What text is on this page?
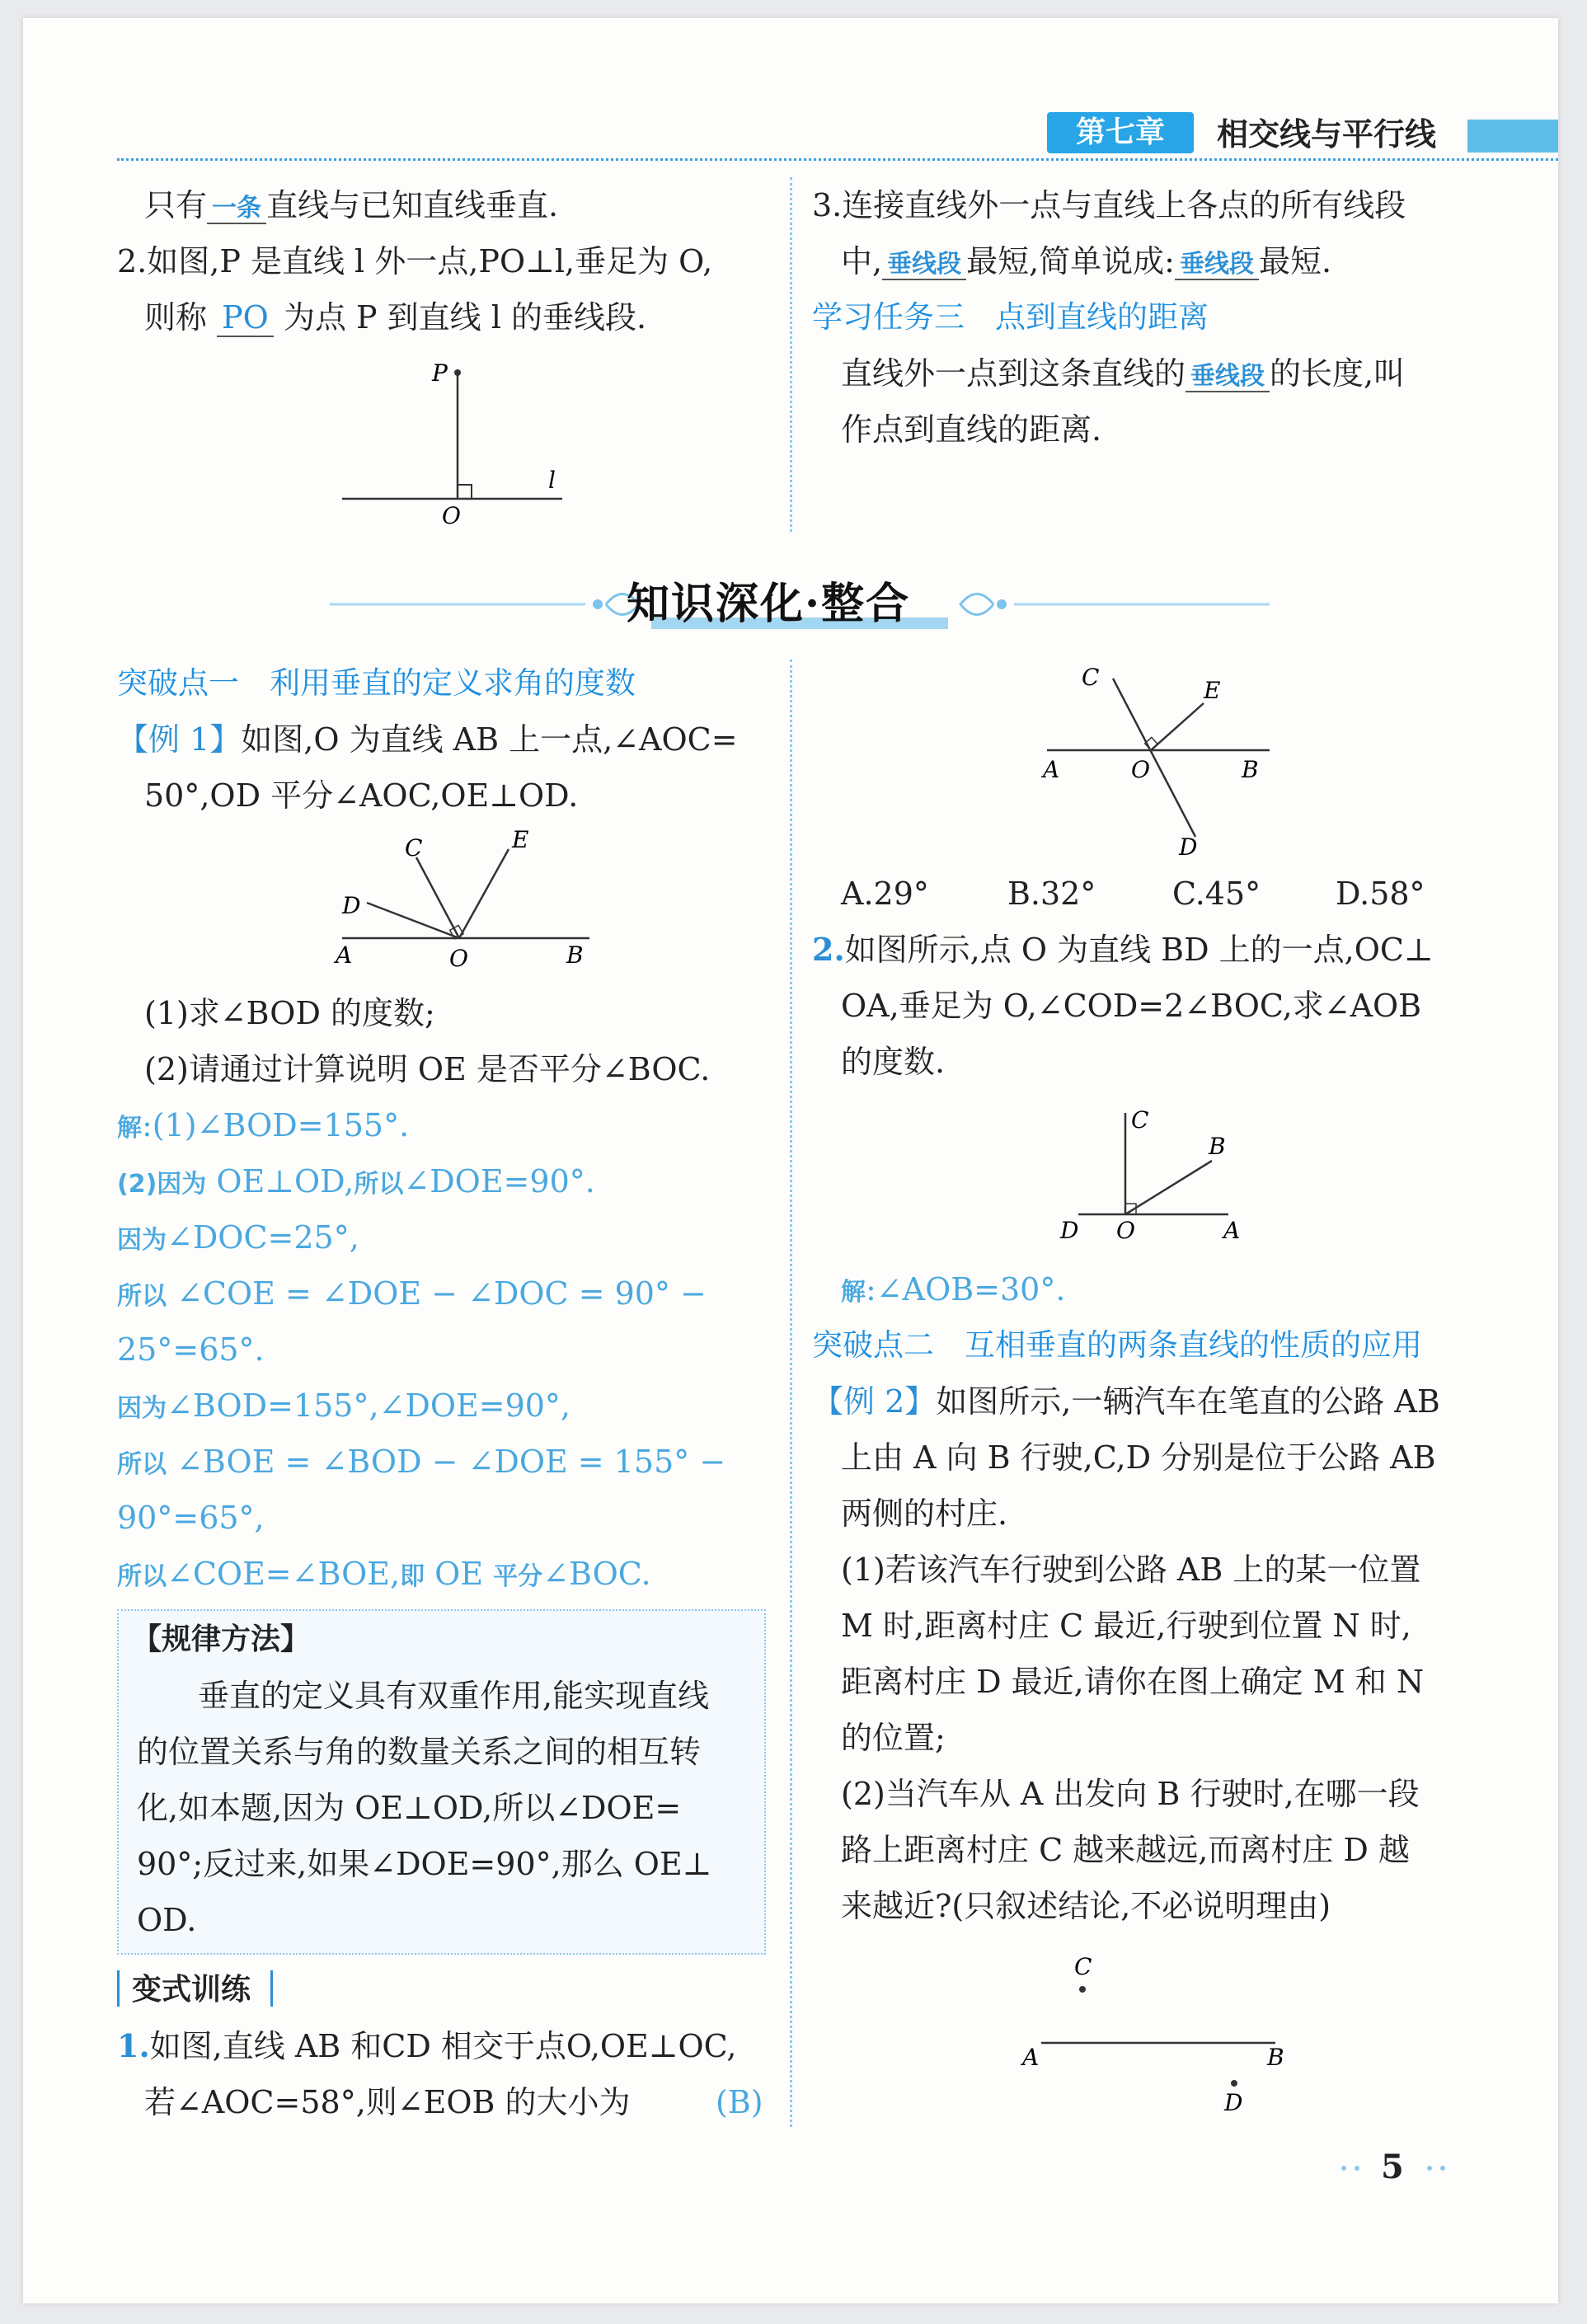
第七章	相交线与平行线
只有 一条 直线与已知直线垂直.
2.如图,P 是直线 l 外一点,PO⊥l,垂足为 O,
则称 PO 为点 P 到直线 l 的垂线段.
P
O
l
3.连接直线外一点与直线上各点的所有线段
中, 垂线段 最短,简单说成: 垂线段 最短.
学习任务三　点到直线的距离
直线外一点到这条直线的 垂线段 的长度,叫
作点到直线的距离.
知识深化·整合
突破点一　利用垂直的定义求角的度数
【例 1】如图,O 为直线 AB 上一点,∠AOC=
50°,OD 平分∠AOC,OE⊥OD.
C	E
D
A	O	B
(1)求∠BOD 的度数;
(2)请通过计算说明 OE 是否平分∠BOC.
解:(1)∠BOD=155°.
(2)因为 OE⊥OD,所以∠DOE=90°.
因为∠DOC=25°,
所以 ∠COE = ∠DOE − ∠DOC = 90° −
25°=65°.
因为∠BOD=155°,∠DOE=90°,
所以 ∠BOE = ∠BOD − ∠DOE = 155° −
90°=65°,
所以∠COE=∠BOE,即 OE 平分∠BOC.
【规律方法】
垂直的定义具有双重作用,能实现直线
的位置关系与角的数量关系之间的相互转
化,如本题,因为 OE⊥OD,所以∠DOE=
90°;反过来,如果∠DOE=90°,那么 OE⊥
OD.
变式训练
1.如图,直线 AB 和CD 相交于点O,OE⊥OC,
若∠AOC=58°,则∠EOB 的大小为	(B)
C	E
A	O	B
D
A.29°	B.32° C.45° D.58°
2.如图所示,点 O 为直线 BD 上的一点,OC⊥
OA,垂足为 O,∠COD=2∠BOC,求∠AOB
的度数.
C
B
D O	A
解:∠AOB=30°.
突破点二　互相垂直的两条直线的性质的应用
【例 2】如图所示,一辆汽车在笔直的公路 AB
上由 A 向 B 行驶,C,D 分别是位于公路 AB
两侧的村庄.
(1)若该汽车行驶到公路 AB 上的某一位置
M 时,距离村庄 C 最近,行驶到位置 N 时,
距离村庄 D 最近,请你在图上确定 M 和 N
的位置;
(2)当汽车从 A 出发向 B 行驶时,在哪一段
路上距离村庄 C 越来越远,而离村庄 D 越
来越近?(只叙述结论,不必说明理由)
C
A	B
D
5
